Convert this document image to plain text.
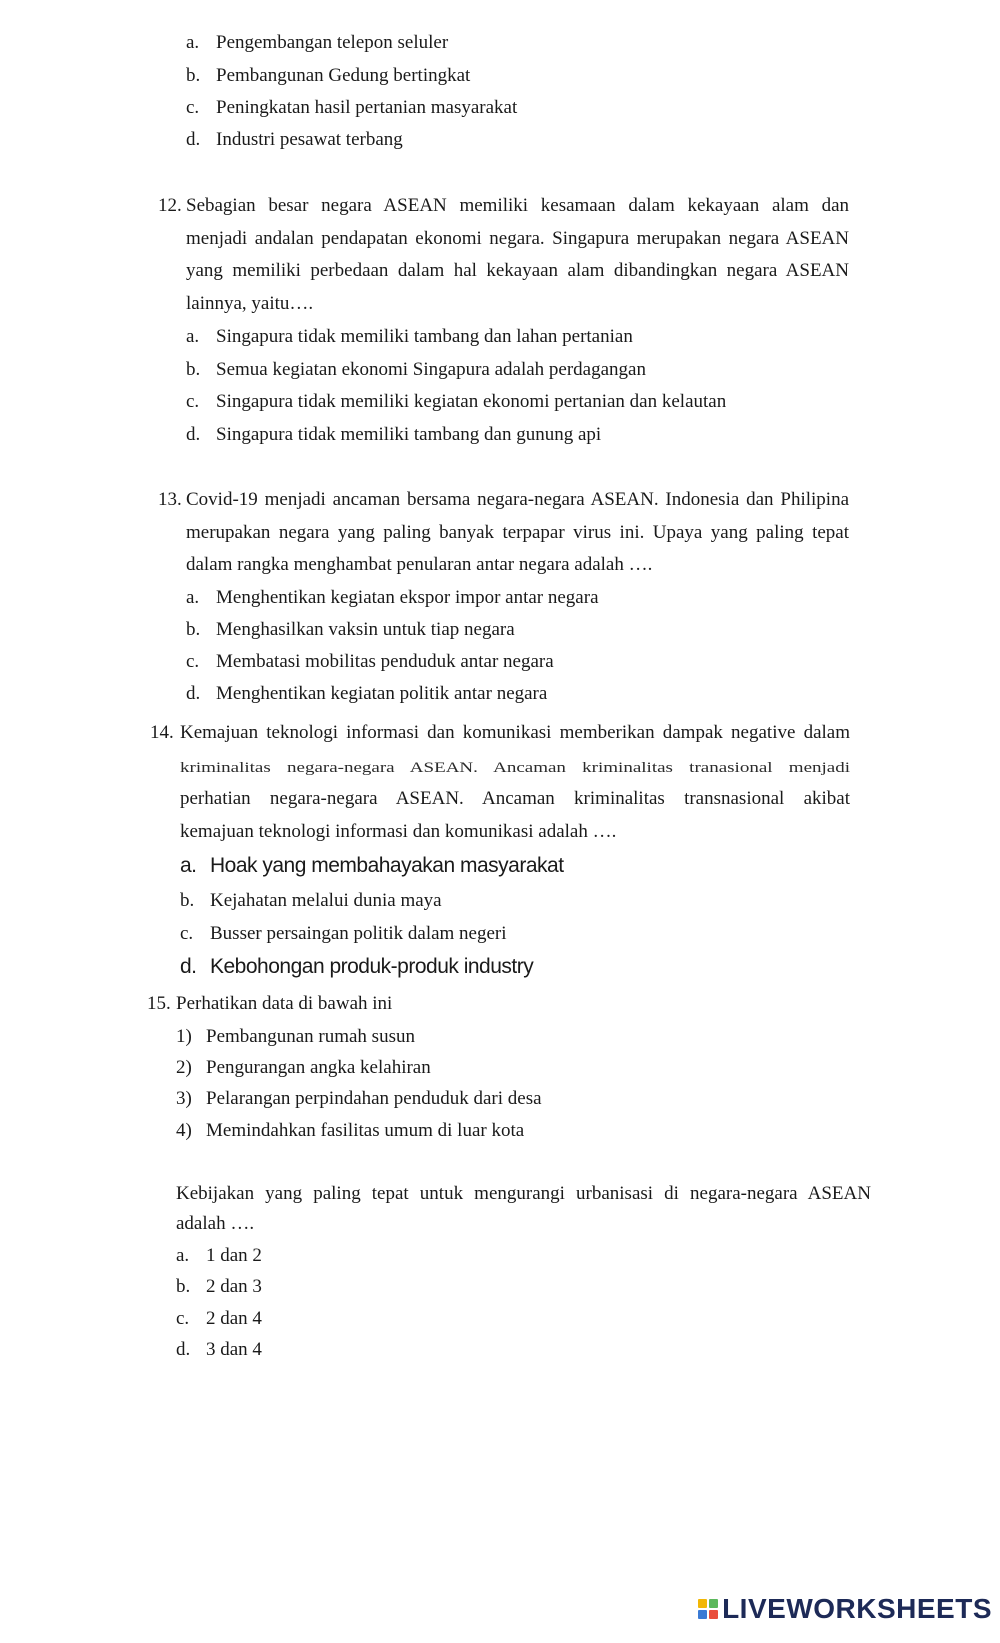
a. Pengembangan telepon seluler
b. Pembangunan Gedung bertingkat
c. Peningkatan hasil pertanian masyarakat
d. Industri pesawat terbang
12. Sebagian besar negara ASEAN memiliki kesamaan dalam kekayaan alam dan
menjadi andalan pendapatan ekonomi negara. Singapura merupakan negara ASEAN
yang memiliki perbedaan dalam hal kekayaan alam dibandingkan negara ASEAN
lainnya, yaitu….
a. Singapura tidak memiliki tambang dan lahan pertanian
b. Semua kegiatan ekonomi Singapura adalah perdagangan
c. Singapura tidak memiliki kegiatan ekonomi pertanian dan kelautan
d. Singapura tidak memiliki tambang dan gunung api
13. Covid-19 menjadi ancaman bersama negara-negara ASEAN. Indonesia dan Philipina
merupakan negara yang paling banyak terpapar virus ini. Upaya yang paling tepat
dalam rangka menghambat penularan antar negara adalah ….
a. Menghentikan kegiatan ekspor impor antar negara
b. Menghasilkan vaksin untuk tiap negara
c. Membatasi mobilitas penduduk antar negara
d. Menghentikan kegiatan politik antar negara
14. Kemajuan teknologi informasi dan komunikasi memberikan dampak negative dalam
kriminalitas negara-negara ASEAN. Ancaman kriminalitas tranasional menjadi
perhatian negara-negara ASEAN. Ancaman kriminalitas transnasional akibat
kemajuan teknologi informasi dan komunikasi adalah ….
a. Hoak yang membahayakan masyarakat
b. Kejahatan melalui dunia maya
c. Busser persaingan politik dalam negeri
d. Kebohongan produk-produk industry
15. Perhatikan data di bawah ini
1) Pembangunan rumah susun
2) Pengurangan angka kelahiran
3) Pelarangan perpindahan penduduk dari desa
4) Memindahkan fasilitas umum di luar kota
Kebijakan yang paling tepat untuk mengurangi urbanisasi di negara-negara ASEAN
adalah ….
a. 1 dan 2
b. 2 dan 3
c. 2 dan 4
d. 3 dan 4
LIVEWORKSHEETS
